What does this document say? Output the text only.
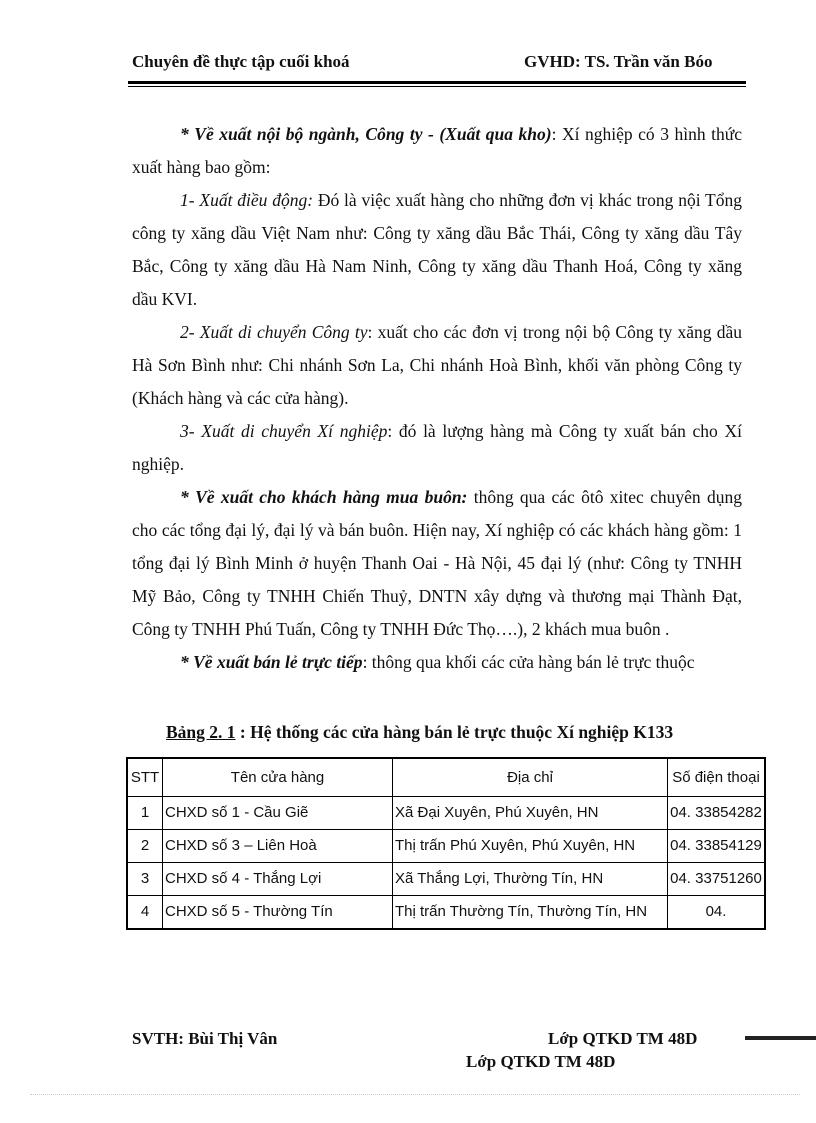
Chuyên đề thực tập cuối khoá	GVHD: TS. Trần văn Bóo

* Về xuất nội bộ ngành, Công ty - (Xuất qua kho): Xí nghiệp có 3 hình thức xuất hàng bao gồm:

1- Xuất điều động: Đó là việc xuất hàng cho những đơn vị khác trong nội Tổng công ty xăng dầu Việt Nam như: Công ty xăng dầu Bắc Thái, Công ty xăng dầu Tây Bắc, Công ty xăng dầu Hà Nam Ninh, Công ty xăng dầu Thanh Hoá, Công ty xăng dầu KVI.

2- Xuất di chuyển Công ty: xuất cho các đơn vị trong nội bộ Công ty xăng dầu Hà Sơn Bình như: Chi nhánh Sơn La, Chi nhánh Hoà Bình, khối văn phòng Công ty (Khách hàng và các cửa hàng).

3- Xuất di chuyển Xí nghiệp: đó là lượng hàng mà Công ty xuất bán cho Xí nghiệp.

* Về xuất cho khách hàng mua buôn: thông qua các ôtô xitec chuyên dụng cho các tổng đại lý, đại lý và bán buôn. Hiện nay, Xí nghiệp có các khách hàng gồm: 1 tổng đại lý Bình Minh ở huyện Thanh Oai - Hà Nội, 45 đại lý (như: Công ty TNHH Mỹ Bảo, Công ty TNHH Chiến Thuỷ, DNTN xây dựng và thương mại Thành Đạt, Công ty TNHH Phú Tuấn, Công ty TNHH Đức Thọ….), 2 khách mua buôn .

* Về xuất bán lẻ trực tiếp: thông qua khối các cửa hàng bán lẻ trực thuộc

Bảng 2. 1 : Hệ thống các cửa hàng bán lẻ trực thuộc Xí nghiệp K133
STT	Tên cửa hàng	Địa chỉ	Số điện thoại
1	CHXD số 1 - Cầu Giẽ	Xã Đại Xuyên, Phú Xuyên, HN	04. 33854282
2	CHXD số 3 – Liên Hoà	Thị trấn Phú Xuyên, Phú Xuyên, HN	04. 33854129
3	CHXD số 4 - Thắng Lợi	Xã Thắng Lợi, Thường Tín, HN	04. 33751260
4	CHXD số 5 - Thường Tín	Thị trấn Thường Tín, Thường Tín, HN	04.
SVTH: Bùi Thị Vân	Lớp QTKD TM 48D
Lớp QTKD TM 48D
